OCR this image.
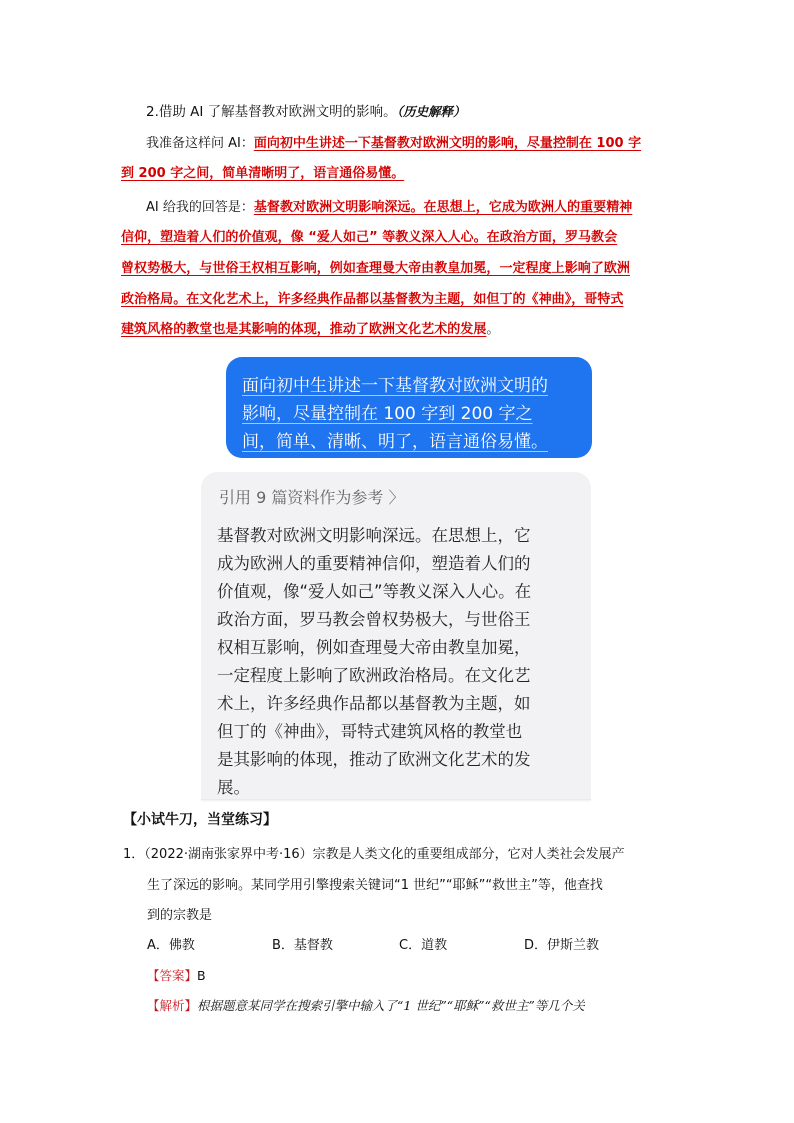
2.借助 AI 了解基督教对欧洲文明的影响。（历史解释）
我准备这样问 AI：面向初中生讲述一下基督教对欧洲文明的影响，尽量控制在 100 字
到 200 字之间，简单清晰明了，语言通俗易懂。
AI 给我的回答是：基督教对欧洲文明影响深远。在思想上，它成为欧洲人的重要精神
信仰，塑造着人们的价值观，像 “爱人如己” 等教义深入人心。在政治方面，罗马教会
曾权势极大，与世俗王权相互影响，例如查理曼大帝由教皇加冕，一定程度上影响了欧洲
政治格局。在文化艺术上，许多经典作品都以基督教为主题，如但丁的《神曲》，哥特式
建筑风格的教堂也是其影响的体现，推动了欧洲文化艺术的发展。
面向初中生讲述一下基督教对欧洲文明的
影响，尽量控制在 100 字到 200 字之
间，简单、清晰、明了，语言通俗易懂。
引用 9 篇资料作为参考 〉
基督教对欧洲文明影响深远。在思想上，它
成为欧洲人的重要精神信仰，塑造着人们的
价值观，像“爱人如己”等教义深入人心。在
政治方面，罗马教会曾权势极大，与世俗王
权相互影响，例如查理曼大帝由教皇加冕，
一定程度上影响了欧洲政治格局。在文化艺
术上，许多经典作品都以基督教为主题，如
但丁的《神曲》，哥特式建筑风格的教堂也
是其影响的体现，推动了欧洲文化艺术的发
展。
【小试牛刀，当堂练习】
1．（2022·湖南张家界中考·16）宗教是人类文化的重要组成部分，它对人类社会发展产
生了深远的影响。某同学用引擎搜索关键词“1 世纪”“耶稣”“救世主”等，他查找
到的宗教是
A．佛教	B．基督教	C．道教	D．伊斯兰教
【答案】B
【解析】根据题意某同学在搜索引擎中输入了“1 世纪”“耶稣”“救世主”等几个关
